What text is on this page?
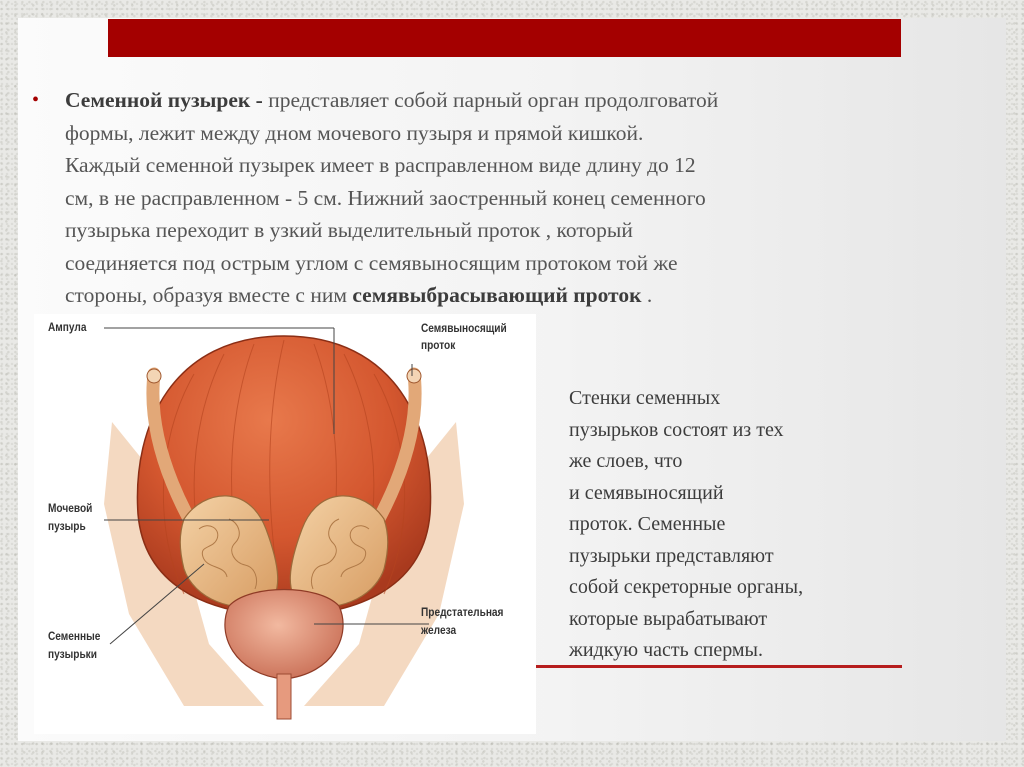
• Семенной пузырек - представляет собой парный орган продолговатой
формы, лежит между дном мочевого пузыря и прямой кишкой.
Каждый семенной пузырек имеет в расправленном виде длину до 12
см, в не расправленном - 5 см. Нижний заостренный конец семенного
пузырька переходит в узкий выделительный проток , который
соединяется под острым углом с семявыносящим протоком той же
стороны, образуя вместе с ним семявыбрасывающий проток .
Ампула	Семявыносящий
проток
Мочевой
пузырь
Предстательная
железа
Семенные
пузырьки
Стенки семенных
пузырьков состоят из тех
же слоев, что
и семявыносящий
проток. Семенные
пузырьки представляют
собой секреторные органы,
которые вырабатывают
жидкую часть спермы.
